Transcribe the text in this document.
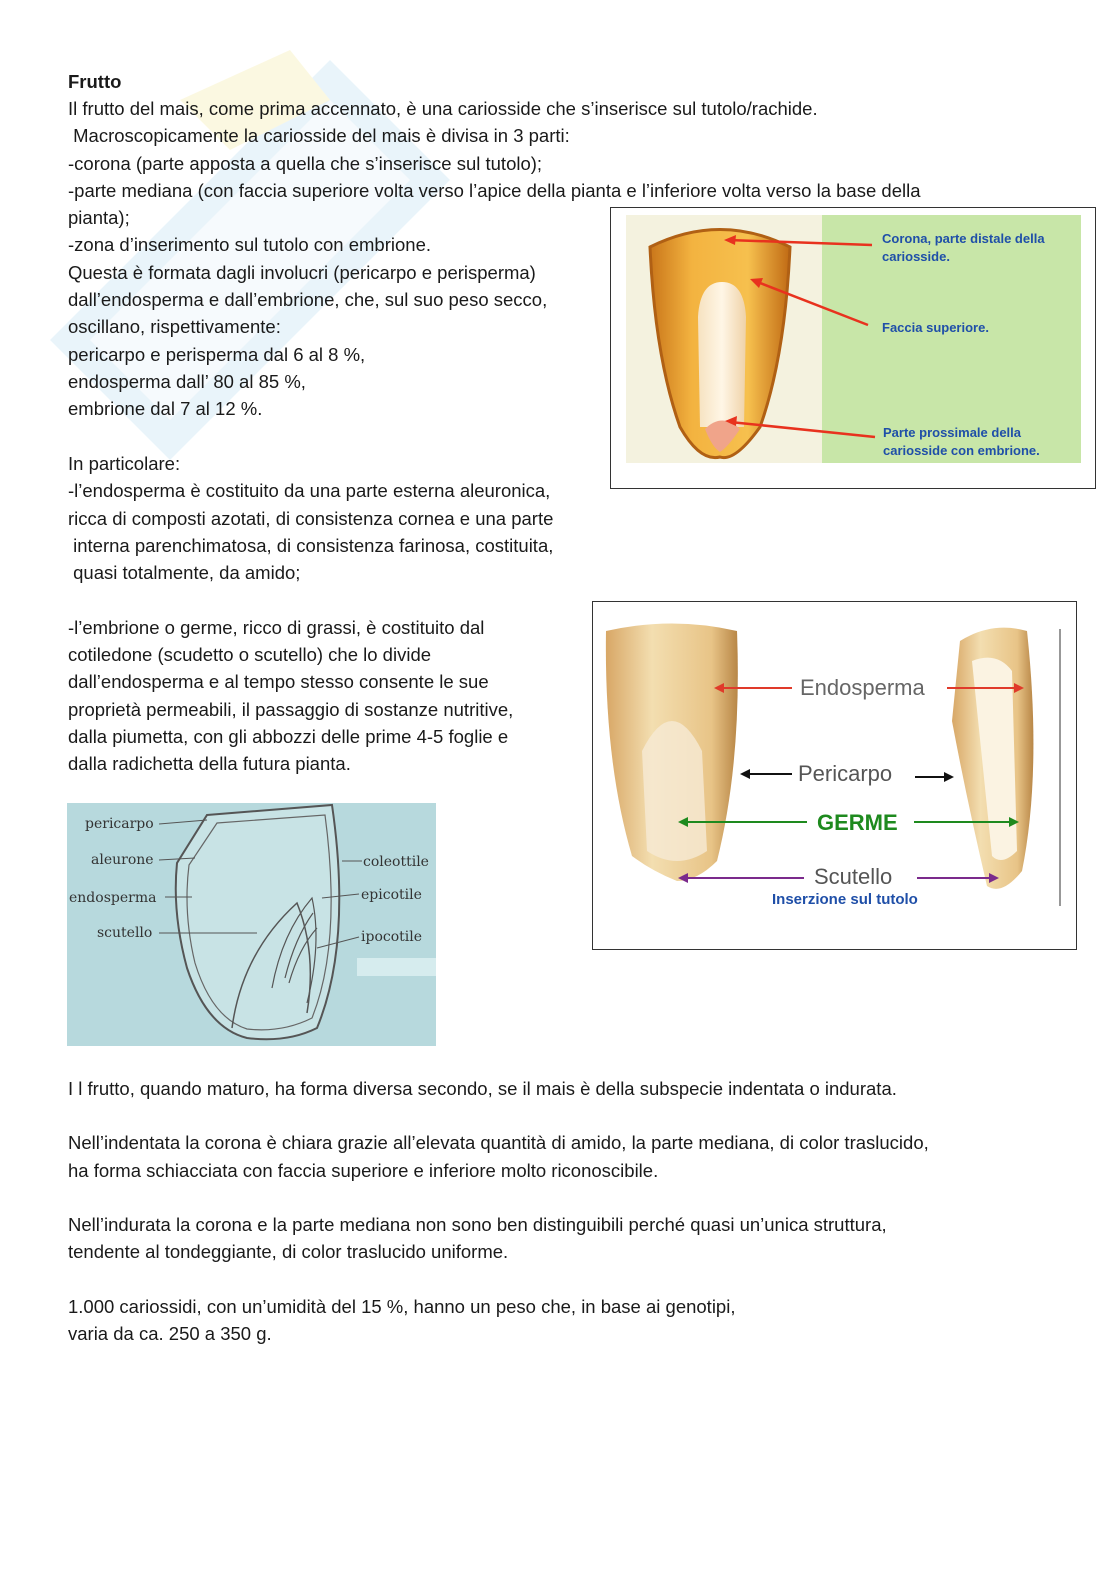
Frutto
Il frutto del mais, come prima accennato, è una cariosside che s’inserisce sul tutolo/rachide.
Macroscopicamente la cariosside del mais è divisa in 3 parti:
-corona (parte apposta a quella che s’inserisce sul tutolo);
-parte mediana (con faccia superiore volta verso l’apice della pianta e l’inferiore volta verso la base della
pianta);
-zona d’inserimento sul tutolo con embrione.
Questa è formata dagli involucri (pericarpo e perisperma)
dall’endosperma e dall’embrione, che, sul suo peso secco,
oscillano, rispettivamente:
pericarpo e perisperma dal 6 al 8 %,
endosperma dall’ 80 al 85 %,
embrione dal 7 al 12 %.
In particolare:
-l’endosperma è costituito da una parte esterna aleuronica,
ricca di composti azotati, di consistenza cornea e una parte
interna parenchimatosa, di consistenza farinosa, costituita,
quasi totalmente, da amido;
-l’embrione o germe, ricco di grassi, è costituito dal
cotiledone (scudetto o scutello) che lo divide
dall’endosperma e al tempo stesso consente le sue
proprietà permeabili, il passaggio di sostanze nutritive,
dalla piumetta, con gli abbozzi delle prime 4-5 foglie e
dalla radichetta della futura pianta.
I l frutto, quando maturo, ha forma diversa secondo, se il mais è della subspecie indentata o indurata.
Nell’indentata la corona è chiara grazie all’elevata quantità di amido, la parte mediana, di color traslucido,
ha forma schiacciata con faccia superiore e inferiore molto riconoscibile.
Nell’indurata la corona e la parte mediana non sono ben distinguibili perché quasi un’unica struttura,
tendente al tondeggiante, di color traslucido uniforme.
1.000 cariossidi, con un’umidità del 15 %, hanno un peso che, in base ai genotipi,
varia da ca. 250 a 350 g.
Corona, parte distale della
cariosside.
Faccia superiore.
Parte prossimale della
cariosside con embrione.
Endosperma
Pericarpo
GERME
Scutello
Inserzione sul tutolo
pericarpo
aleurone
endosperma
scutello
coleottile
epicotile
ipocotile
